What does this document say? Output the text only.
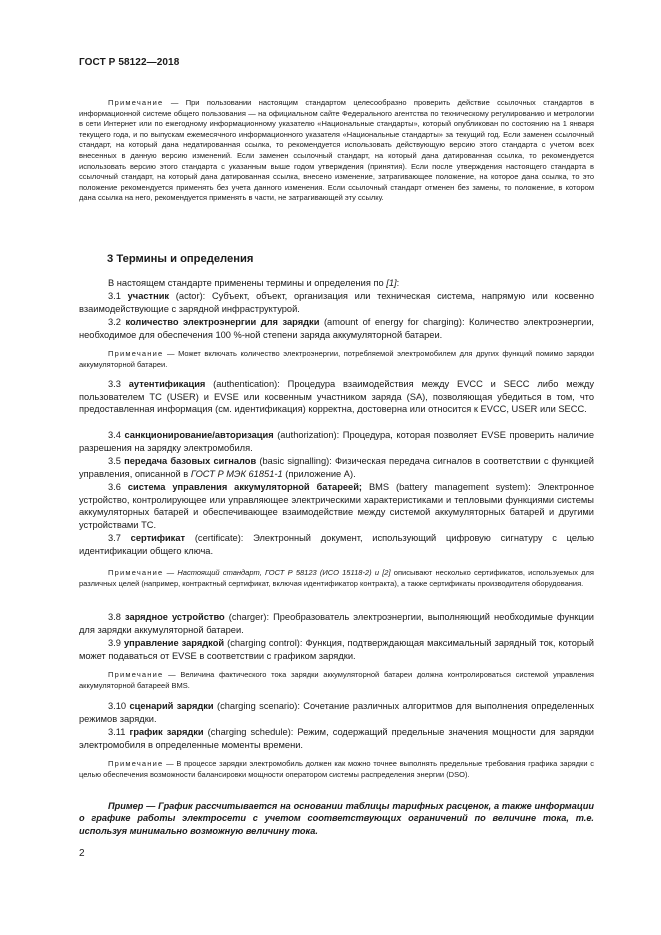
ГОСТ Р 58122—2018
Примечание — При пользовании настоящим стандартом целесообразно проверить действие ссылочных стандартов в информационной системе общего пользования — на официальном сайте Федерального агентства по техническому регулированию и метрологии в сети Интернет или по ежегодному информационному указателю «Национальные стандарты», который опубликован по состоянию на 1 января текущего года, и по выпускам ежемесячного информационного указателя «Национальные стандарты» за текущий год. Если заменен ссылочный стандарт, на который дана недатированная ссылка, то рекомендуется использовать действующую версию этого стандарта с учетом всех внесенных в данную версию изменений. Если заменен ссылочный стандарт, на который дана датированная ссылка, то рекомендуется использовать версию этого стандарта с указанным выше годом утверждения (принятия). Если после утверждения настоящего стандарта в ссылочный стандарт, на который дана датированная ссылка, внесено изменение, затрагивающее положение, на которое дана ссылка, то это положение рекомендуется применять без учета данного изменения. Если ссылочный стандарт отменен без замены, то положение, в котором дана ссылка на него, рекомендуется применять в части, не затрагивающей эту ссылку.
3 Термины и определения
В настоящем стандарте применены термины и определения по [1]:
3.1 участник (actor): Субъект, объект, организация или техническая система, напрямую или косвенно взаимодействующие с зарядной инфраструктурой.
3.2 количество электроэнергии для зарядки (amount of energy for charging): Количество электроэнергии, необходимое для обеспечения 100 %-ной степени заряда аккумуляторной батареи.
Примечание — Может включать количество электроэнергии, потребляемой электромобилем для других функций помимо зарядки аккумуляторной батареи.
3.3 аутентификация (authentication): Процедура взаимодействия между EVCC и SECC либо между пользователем ТС (USER) и EVSE или косвенным участником заряда (SA), позволяющая убедиться в том, что предоставленная информация (см. идентификация) корректна, достоверна или относится к EVCC, USER или SECC.
3.4 санкционирование/авторизация (authorization): Процедура, которая позволяет EVSE проверить наличие разрешения на зарядку электромобиля.
3.5 передача базовых сигналов (basic signalling): Физическая передача сигналов в соответствии с функцией управления, описанной в ГОСТ Р МЭК 61851-1 (приложение А).
3.6 система управления аккумуляторной батареей; BMS (battery management system): Электронное устройство, контролирующее или управляющее электрическими характеристиками и тепловыми функциями системы аккумуляторных батарей и обеспечивающее взаимодействие между системой аккумуляторных батарей и другими устройствами ТС.
3.7 сертификат (certificate): Электронный документ, использующий цифровую сигнатуру с целью идентификации общего ключа.
Примечание — Настоящий стандарт, ГОСТ Р 58123 (ИСО 15118-2) и [2] описывают несколько сертификатов, используемых для различных целей (например, контрактный сертификат, включая идентификатор контракта), а также сертификаты производителя оборудования.
3.8 зарядное устройство (charger): Преобразователь электроэнергии, выполняющий необходимые функции для зарядки аккумуляторной батареи.
3.9 управление зарядкой (charging control): Функция, подтверждающая максимальный зарядный ток, который может подаваться от EVSE в соответствии с графиком зарядки.
Примечание — Величина фактического тока зарядки аккумуляторной батареи должна контролироваться системой управления аккумуляторной батареей BMS.
3.10 сценарий зарядки (charging scenario): Сочетание различных алгоритмов для выполнения определенных режимов зарядки.
3.11 график зарядки (charging schedule): Режим, содержащий предельные значения мощности для зарядки электромобиля в определенные моменты времени.
Примечание — В процессе зарядки электромобиль должен как можно точнее выполнять предельные требования графика зарядки с целью обеспечения возможности балансировки мощности оператором системы распределения энергии (DSO).
Пример — График рассчитывается на основании таблицы тарифных расценок, а также информации о графике работы электросети с учетом соответствующих ограничений по величине тока, т.е. используя минимально возможную величину тока.
2
